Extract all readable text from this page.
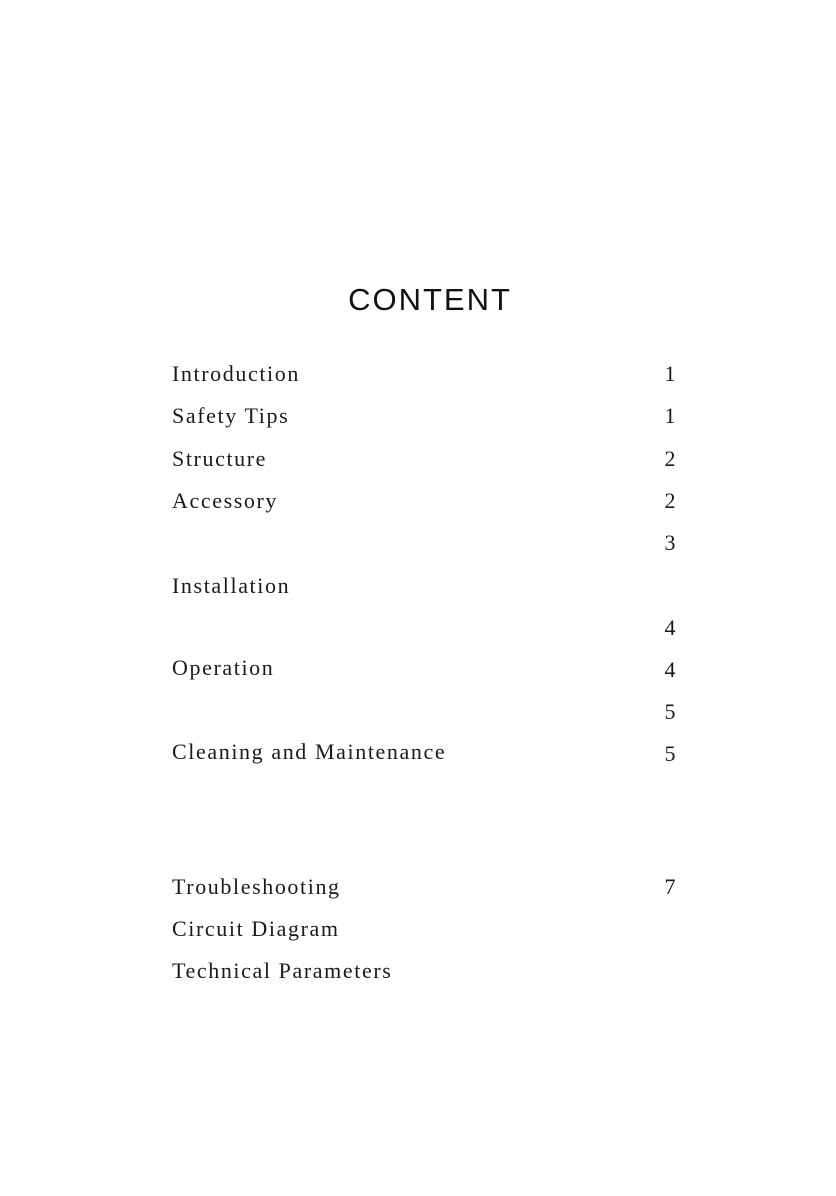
CONTENT
Introduction
Safety Tips
Structure
Accessory
Installation
Operation
Cleaning and Maintenance
Troubleshooting
Circuit Diagram
Technical Parameters
1
1
2
2
3
4
4
5
5
7
